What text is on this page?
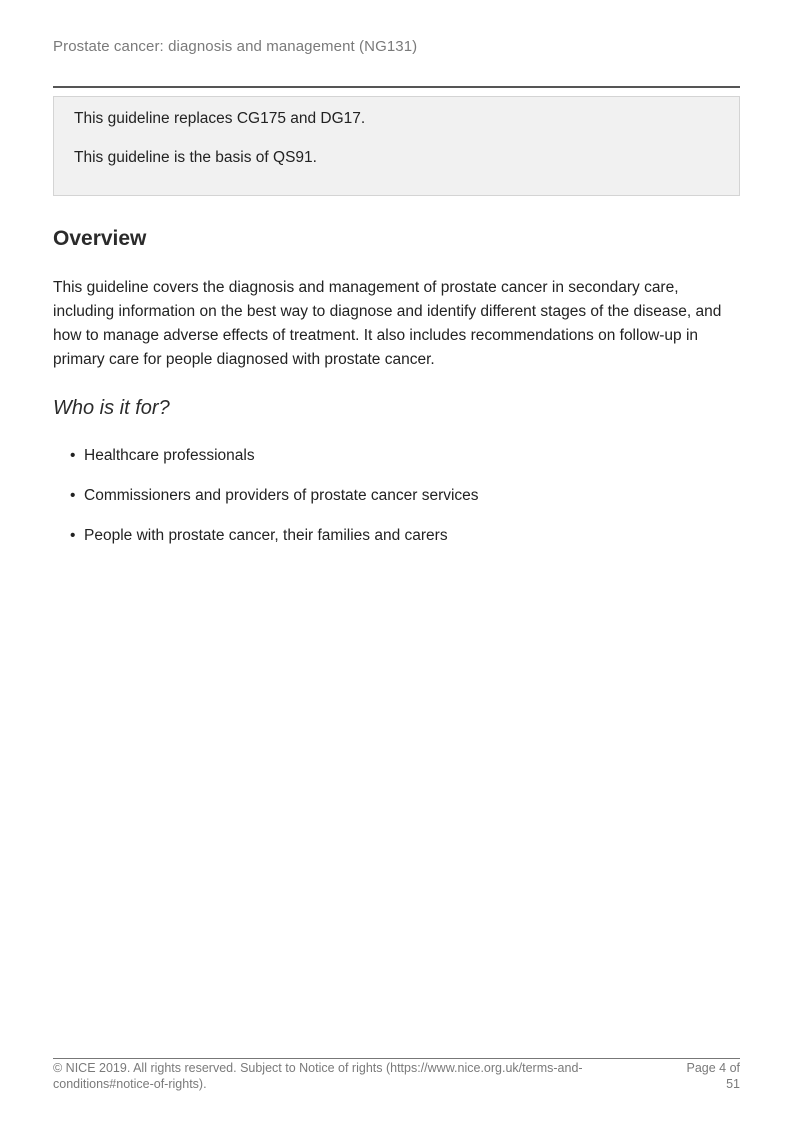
Prostate cancer: diagnosis and management (NG131)

This guideline replaces CG175 and DG17.

This guideline is the basis of QS91.

Overview

This guideline covers the diagnosis and management of prostate cancer in secondary care, including information on the best way to diagnose and identify different stages of the disease, and how to manage adverse effects of treatment. It also includes recommendations on follow-up in primary care for people diagnosed with prostate cancer.

Who is it for?
• Healthcare professionals
• Commissioners and providers of prostate cancer services
• People with prostate cancer, their families and carers
© NICE 2019. All rights reserved. Subject to Notice of rights (https://www.nice.org.uk/terms-and-conditions#notice-of-rights).
Page 4 of 51
